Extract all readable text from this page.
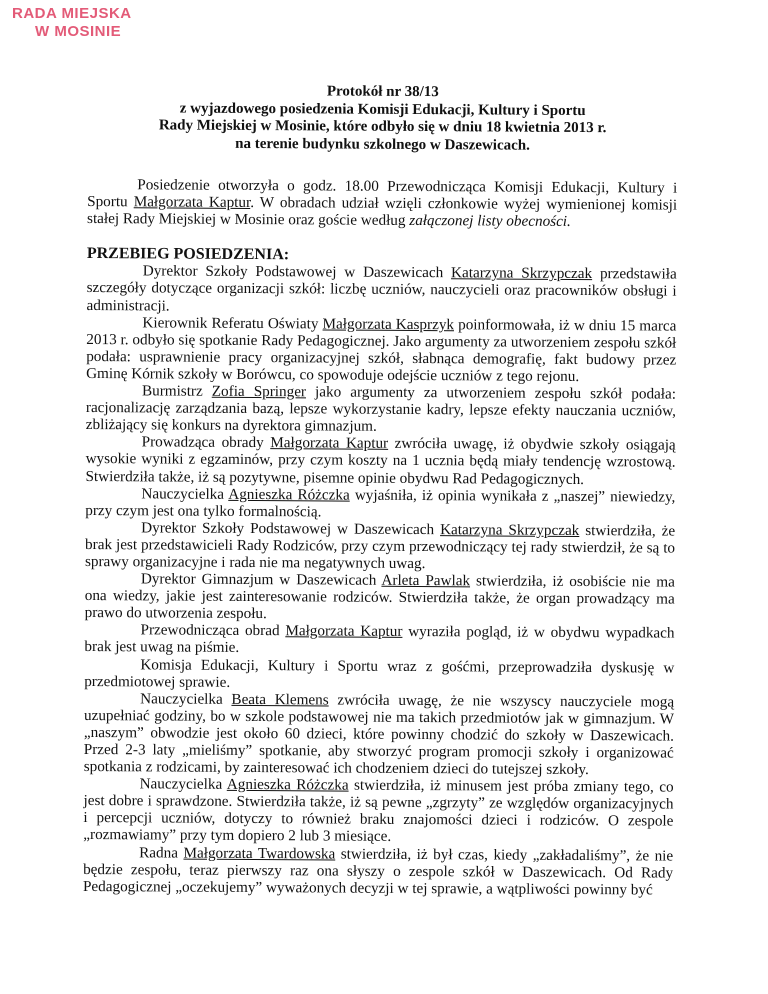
RADA MIEJSKA
W MOSINIE
Protokół nr 38/13
z wyjazdowego posiedzenia Komisji Edukacji, Kultury i Sportu
Rady Miejskiej w Mosinie, które odbyło się w dniu 18 kwietnia 2013 r.
na terenie budynku szkolnego w Daszewicach.

Posiedzenie otworzyła o godz. 18.00 Przewodnicząca Komisji Edukacji, Kultury i Sportu Małgorzata Kaptur. W obradach udział wzięli członkowie wyżej wymienionej komisji stałej Rady Miejskiej w Mosinie oraz goście według załączonej listy obecności.

PRZEBIEG POSIEDZENIA:

Dyrektor Szkoły Podstawowej w Daszewicach Katarzyna Skrzypczak przedstawiła szczegóły dotyczące organizacji szkół: liczbę uczniów, nauczycieli oraz pracowników obsługi i administracji.

Kierownik Referatu Oświaty Małgorzata Kasprzyk poinformowała, iż w dniu 15 marca 2013 r. odbyło się spotkanie Rady Pedagogicznej. Jako argumenty za utworzeniem zespołu szkół podała: usprawnienie pracy organizacyjnej szkół, słabnąca demografię, fakt budowy przez Gminę Kórnik szkoły w Borówcu, co spowoduje odejście uczniów z tego rejonu.

Burmistrz Zofia Springer jako argumenty za utworzeniem zespołu szkół podała: racjonalizację zarządzania bazą, lepsze wykorzystanie kadry, lepsze efekty nauczania uczniów, zbliżający się konkurs na dyrektora gimnazjum.

Prowadząca obrady Małgorzata Kaptur zwróciła uwagę, iż obydwie szkoły osiągają wysokie wyniki z egzaminów, przy czym koszty na 1 ucznia będą miały tendencję wzrostową. Stwierdziła także, iż są pozytywne, pisemne opinie obydwu Rad Pedagogicznych.

Nauczycielka Agnieszka Różczka wyjaśniła, iż opinia wynikała z „naszej” niewiedzy, przy czym jest ona tylko formalnością.

Dyrektor Szkoły Podstawowej w Daszewicach Katarzyna Skrzypczak stwierdziła, że brak jest przedstawicieli Rady Rodziców, przy czym przewodniczący tej rady stwierdził, że są to sprawy organizacyjne i rada nie ma negatywnych uwag.

Dyrektor Gimnazjum w Daszewicach Arleta Pawlak stwierdziła, iż osobiście nie ma ona wiedzy, jakie jest zainteresowanie rodziców. Stwierdziła także, że organ prowadzący ma prawo do utworzenia zespołu.

Przewodnicząca obrad Małgorzata Kaptur wyraziła pogląd, iż w obydwu wypadkach brak jest uwag na piśmie.

Komisja Edukacji, Kultury i Sportu wraz z gośćmi, przeprowadziła dyskusję w przedmiotowej sprawie.

Nauczycielka Beata Klemens zwróciła uwagę, że nie wszyscy nauczyciele mogą uzupełniać godziny, bo w szkole podstawowej nie ma takich przedmiotów jak w gimnazjum. W „naszym” obwodzie jest około 60 dzieci, które powinny chodzić do szkoły w Daszewicach. Przed 2-3 laty „mieliśmy” spotkanie, aby stworzyć program promocji szkoły i organizować spotkania z rodzicami, by zainteresować ich chodzeniem dzieci do tutejszej szkoły.

Nauczycielka Agnieszka Różczka stwierdziła, iż minusem jest próba zmiany tego, co jest dobre i sprawdzone. Stwierdziła także, iż są pewne „zgrzyty” ze względów organizacyjnych i percepcji uczniów, dotyczy to również braku znajomości dzieci i rodziców. O zespole „rozmawiamy” przy tym dopiero 2 lub 3 miesiące.

Radna Małgorzata Twardowska stwierdziła, iż był czas, kiedy „zakładaliśmy”, że nie będzie zespołu, teraz pierwszy raz ona słyszy o zespole szkół w Daszewicach. Od Rady Pedagogicznej „oczekujemy” wyważonych decyzji w tej sprawie, a wątpliwości powinny być
